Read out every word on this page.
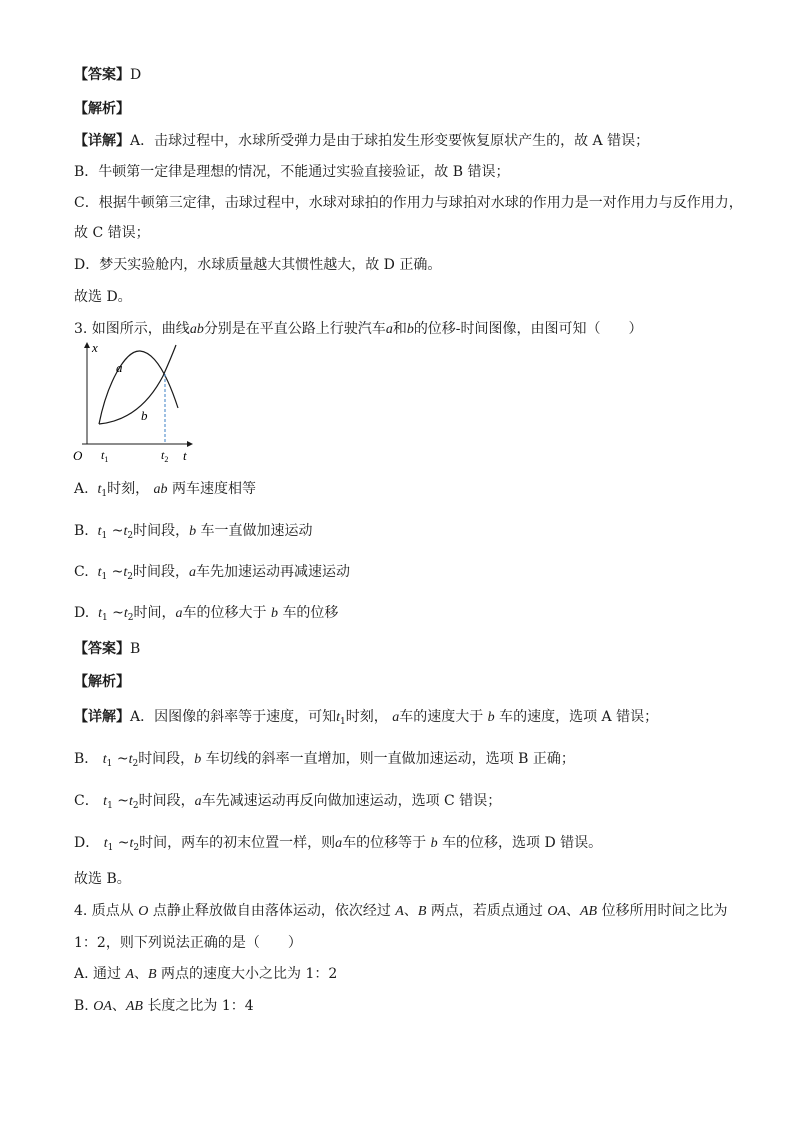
【答案】D
【解析】
【详解】A．击球过程中，水球所受弹力是由于球拍发生形变要恢复原状产生的，故 A 错误；
B．牛顿第一定律是理想的情况，不能通过实验直接验证，故 B 错误；
C．根据牛顿第三定律，击球过程中，水球对球拍的作用力与球拍对水球的作用力是一对作用力与反作用力，
故 C 错误；
D．梦天实验舱内，水球质量越大其惯性越大，故 D 正确。
故选 D。
3. 如图所示，曲线ab分别是在平直公路上行驶汽车a和b的位移-时间图像，由图可知（　　）
x
t
O
a
b
$t_1$	$t_2$
A. $t_1$时刻， ab 两车速度相等
B. $t_1$ $\sim t_2$时间段，b 车一直做加速运动
C. $t_1$ $\sim t_2$时间段，a车先加速运动再减速运动
D. $t_1$ $\sim t_2$时间，a车的位移大于 b 车的位移
【答案】B
【解析】
【详解】A．因图像的斜率等于速度，可知$t_1$时刻， a车的速度大于 b 车的速度，选项 A 错误；
B． $t_1$ $\sim t_2$时间段，b 车切线的斜率一直增加，则一直做加速运动，选项 B 正确；
C． $t_1$ $\sim t_2$时间段，a车先减速运动再反向做加速运动，选项 C 错误；
D． $t_1$ $\sim t_2$时间，两车的初末位置一样，则a车的位移等于 b 车的位移，选项 D 错误。
故选 B。
4. 质点从 O 点静止释放做自由落体运动，依次经过 A、B 两点，若质点通过 OA、AB 位移所用时间之比为
1：2，则下列说法正确的是（　　）
A. 通过 A、B 两点的速度大小之比为 1：2
B. OA、AB 长度之比为 1：4
